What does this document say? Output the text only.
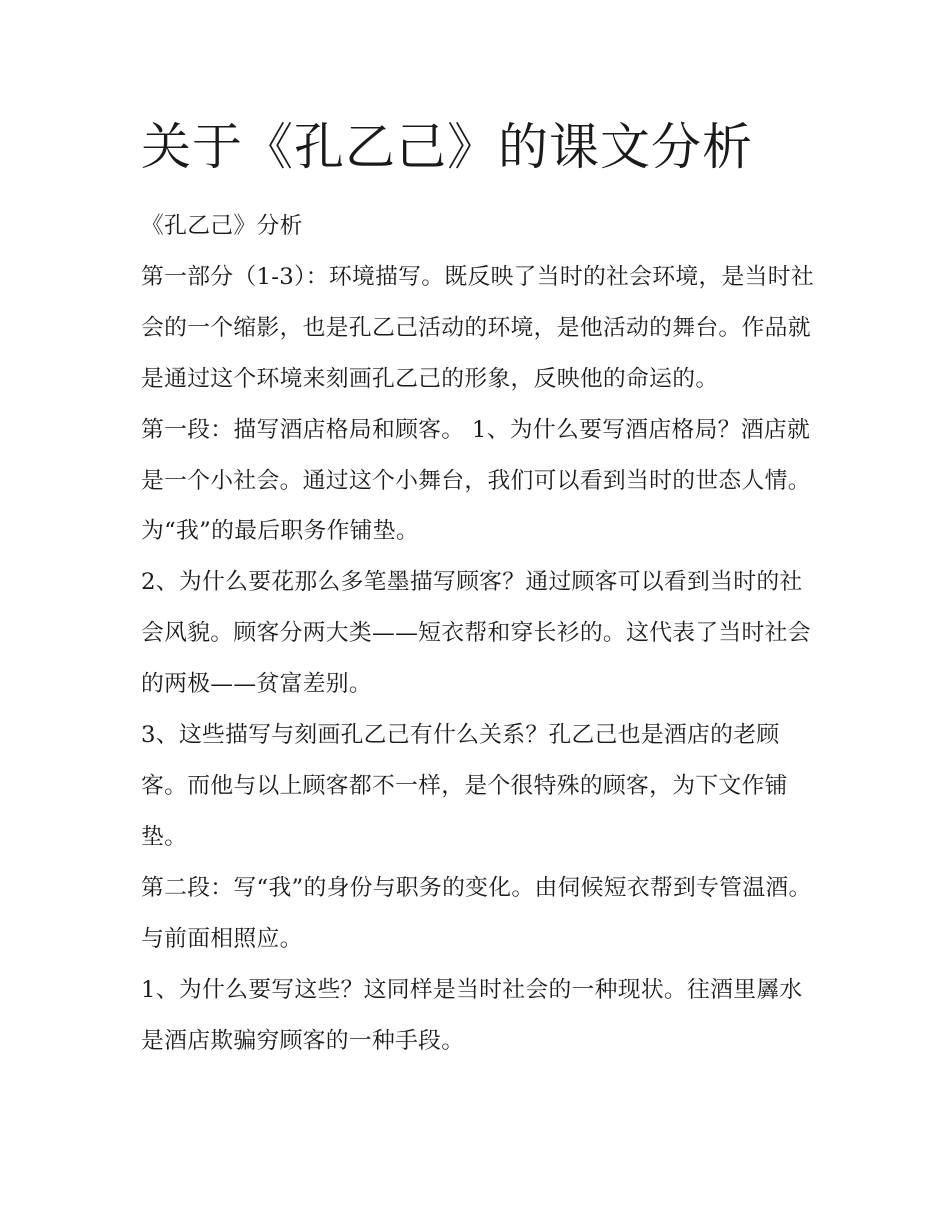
关于《孔乙己》的课文分析

《孔乙己》分析

第一部分（1-3）：环境描写。既反映了当时的社会环境，是当时社会的一个缩影，也是孔乙己活动的环境，是他活动的舞台。作品就是通过这个环境来刻画孔乙己的形象，反映他的命运的。

第一段：描写酒店格局和顾客。 1、为什么要写酒店格局？酒店就是一个小社会。通过这个小舞台，我们可以看到当时的世态人情。为“我”的最后职务作铺垫。

2、为什么要花那么多笔墨描写顾客？通过顾客可以看到当时的社会风貌。顾客分两大类——短衣帮和穿长衫的。这代表了当时社会的两极——贫富差别。

3、这些描写与刻画孔乙己有什么关系？孔乙己也是酒店的老顾客。而他与以上顾客都不一样，是个很特殊的顾客，为下文作铺垫。

第二段：写“我”的身份与职务的变化。由伺候短衣帮到专管温酒。与前面相照应。

1、为什么要写这些？这同样是当时社会的一种现状。往酒里羼水是酒店欺骗穷顾客的一种手段。
